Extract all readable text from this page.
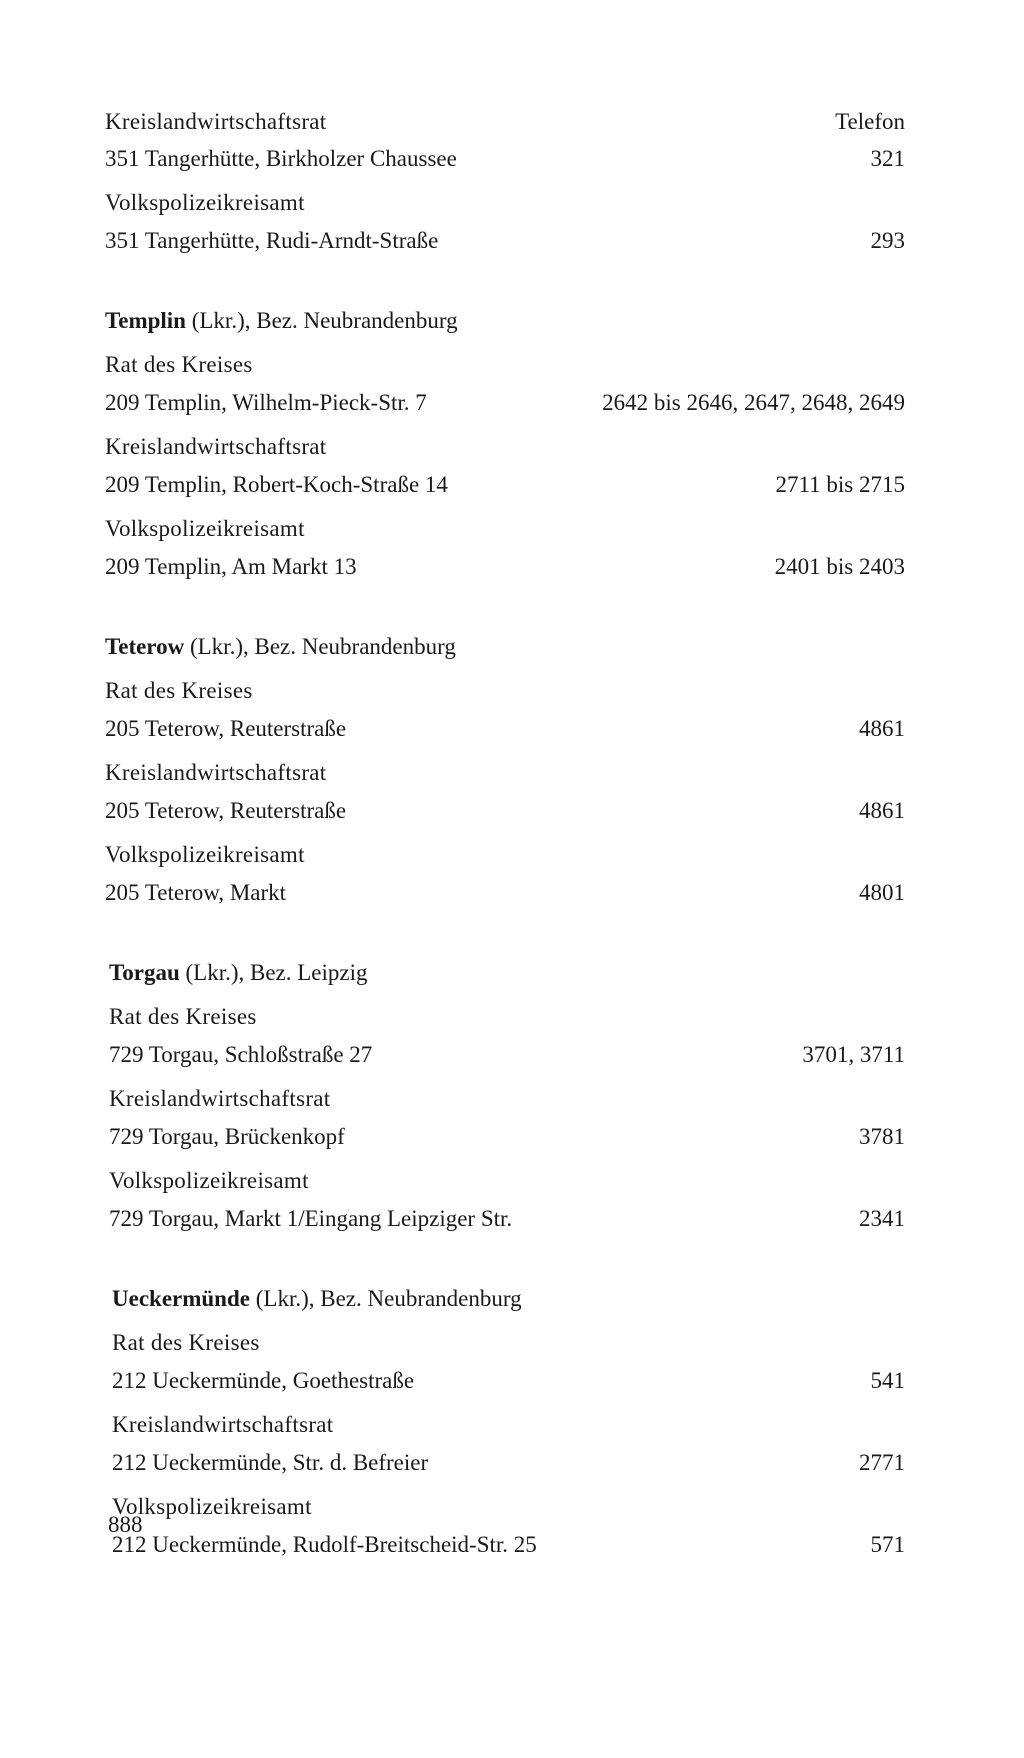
Kreislandwirtschaftsrat	Telefon
351 Tangerhütte, Birkholzer Chaussee	321
Volkspolizeikreisamt
351 Tangerhütte, Rudi-Arndt-Straße	293
Templin (Lkr.), Bez. Neubrandenburg
Rat des Kreises
209 Templin, Wilhelm-Pieck-Str. 7	2642 bis 2646, 2647, 2648, 2649
Kreislandwirtschaftsrat
209 Templin, Robert-Koch-Straße 14	2711 bis 2715
Volkspolizeikreisamt
209 Templin, Am Markt 13	2401 bis 2403
Teterow (Lkr.), Bez. Neubrandenburg
Rat des Kreises
205 Teterow, Reuterstraße	4861
Kreislandwirtschaftsrat
205 Teterow, Reuterstraße	4861
Volkspolizeikreisamt
205 Teterow, Markt	4801
Torgau (Lkr.), Bez. Leipzig
Rat des Kreises
729 Torgau, Schloßstraße 27	3701, 3711
Kreislandwirtschaftsrat
729 Torgau, Brückenkopf	3781
Volkspolizeikreisamt
729 Torgau, Markt 1/Eingang Leipziger Str.	2341
Ueckermünde (Lkr.), Bez. Neubrandenburg
Rat des Kreises
212 Ueckermünde, Goethestraße	541
Kreislandwirtschaftsrat
212 Ueckermünde, Str. d. Befreier	2771
Volkspolizeikreisamt
212 Ueckermünde, Rudolf-Breitscheid-Str. 25	571
888
